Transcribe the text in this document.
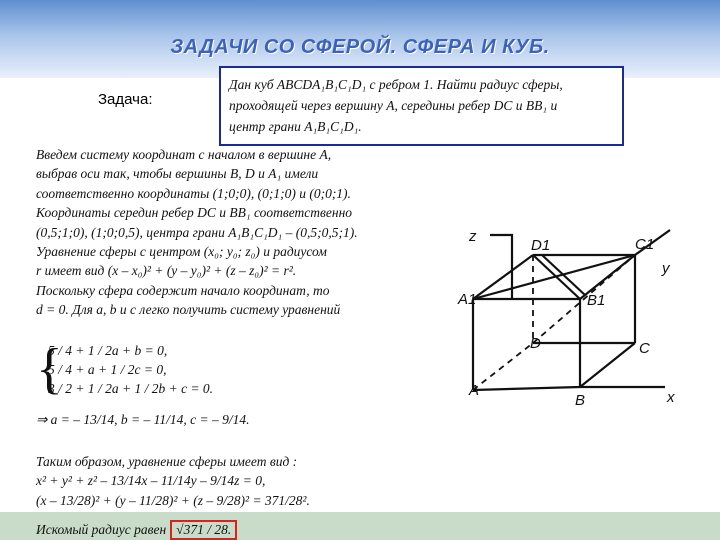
ЗАДАЧИ СО СФЕРОЙ. СФЕРА И КУБ.
Задача:
Дан куб ABCDA₁B₁C₁D₁ с ребром 1. Найти радиус сферы,
проходящей через вершину A, середины ребер DC и BB₁ и
центр грани A₁B₁C₁D₁.
Введем систему координат с началом в вершине A,
выбрав оси так, чтобы вершины B, D и A₁ имели
соответственно координаты (1;0;0), (0;1;0) и (0;0;1).
Координаты середин ребер DC и BB₁ соответственно
(0,5;1;0), (1;0;0,5), центра грани A₁B₁C₁D₁ – (0,5;0,5;1).
Уравнение сферы с центром (x₀; y₀; z₀) и радиусом
r имеет вид (x – x₀)² + (y – y₀)² + (z – z₀)² = r².
Поскольку сфера содержит начало координат, то
d = 0. Для a, b и c легко получить систему уравнений
{
5 / 4 + 1 / 2a + b = 0,
5 / 4 + a + 1 / 2c = 0,
3 / 2 + 1 / 2a + 1 / 2b + c = 0.
⇒ a = – 13/14, b = – 11/14, c = – 9/14.
Таким образом, уравнение сферы имеет вид :
x² + y² + z² – 13/14x – 11/14y – 9/14z = 0,
(x – 13/28)² + (y – 11/28)² + (z – 9/28)² = 371/28².
Искомый радиус равен √371 / 28.
z
D1	C1
y
A1	B1
D	C
A
B	x
